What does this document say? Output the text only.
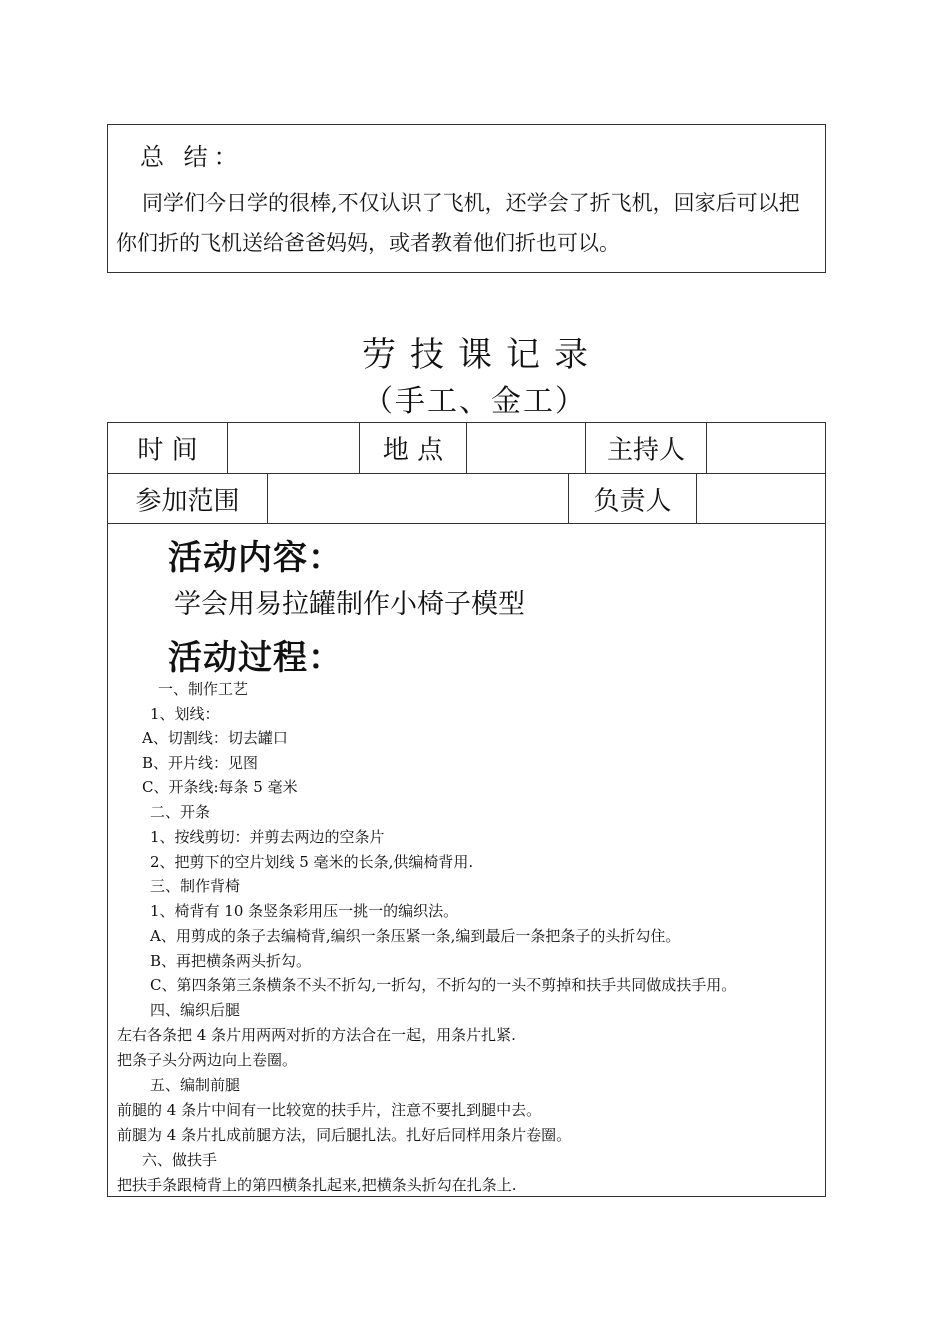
总 结：
同学们今日学的很棒,不仅认识了飞机，还学会了折飞机，回家后可以把你们折的飞机送给爸爸妈妈，或者教着他们折也可以。
劳技课记录
（手工、金工）
时 间	地 点	主持人
参加范围	负责人
活动内容：
学会用易拉罐制作小椅子模型
活动过程：
一、制作工艺
1、划线：
A、切割线：切去罐口
B、开片线：见图
C、开条线:每条 5 毫米
二、开条
1、按线剪切：并剪去两边的空条片
2、把剪下的空片划线 5 毫米的长条,供编椅背用.
三、制作背椅
1、椅背有 10 条竖条彩用压一挑一的编织法。
A、用剪成的条子去编椅背,编织一条压紧一条,编到最后一条把条子的头折勾住。
B、再把横条两头折勾。
C、第四条第三条横条不头不折勾,一折勾，不折勾的一头不剪掉和扶手共同做成扶手用。
四、编织后腿
左右各条把 4 条片用两两对折的方法合在一起，用条片扎紧.
把条子头分两边向上卷圈。
五、编制前腿
前腿的 4 条片中间有一比较宽的扶手片，注意不要扎到腿中去。
前腿为 4 条片扎成前腿方法，同后腿扎法。扎好后同样用条片卷圈。
六、做扶手
把扶手条跟椅背上的第四横条扎起来,把横条头折勾在扎条上.
